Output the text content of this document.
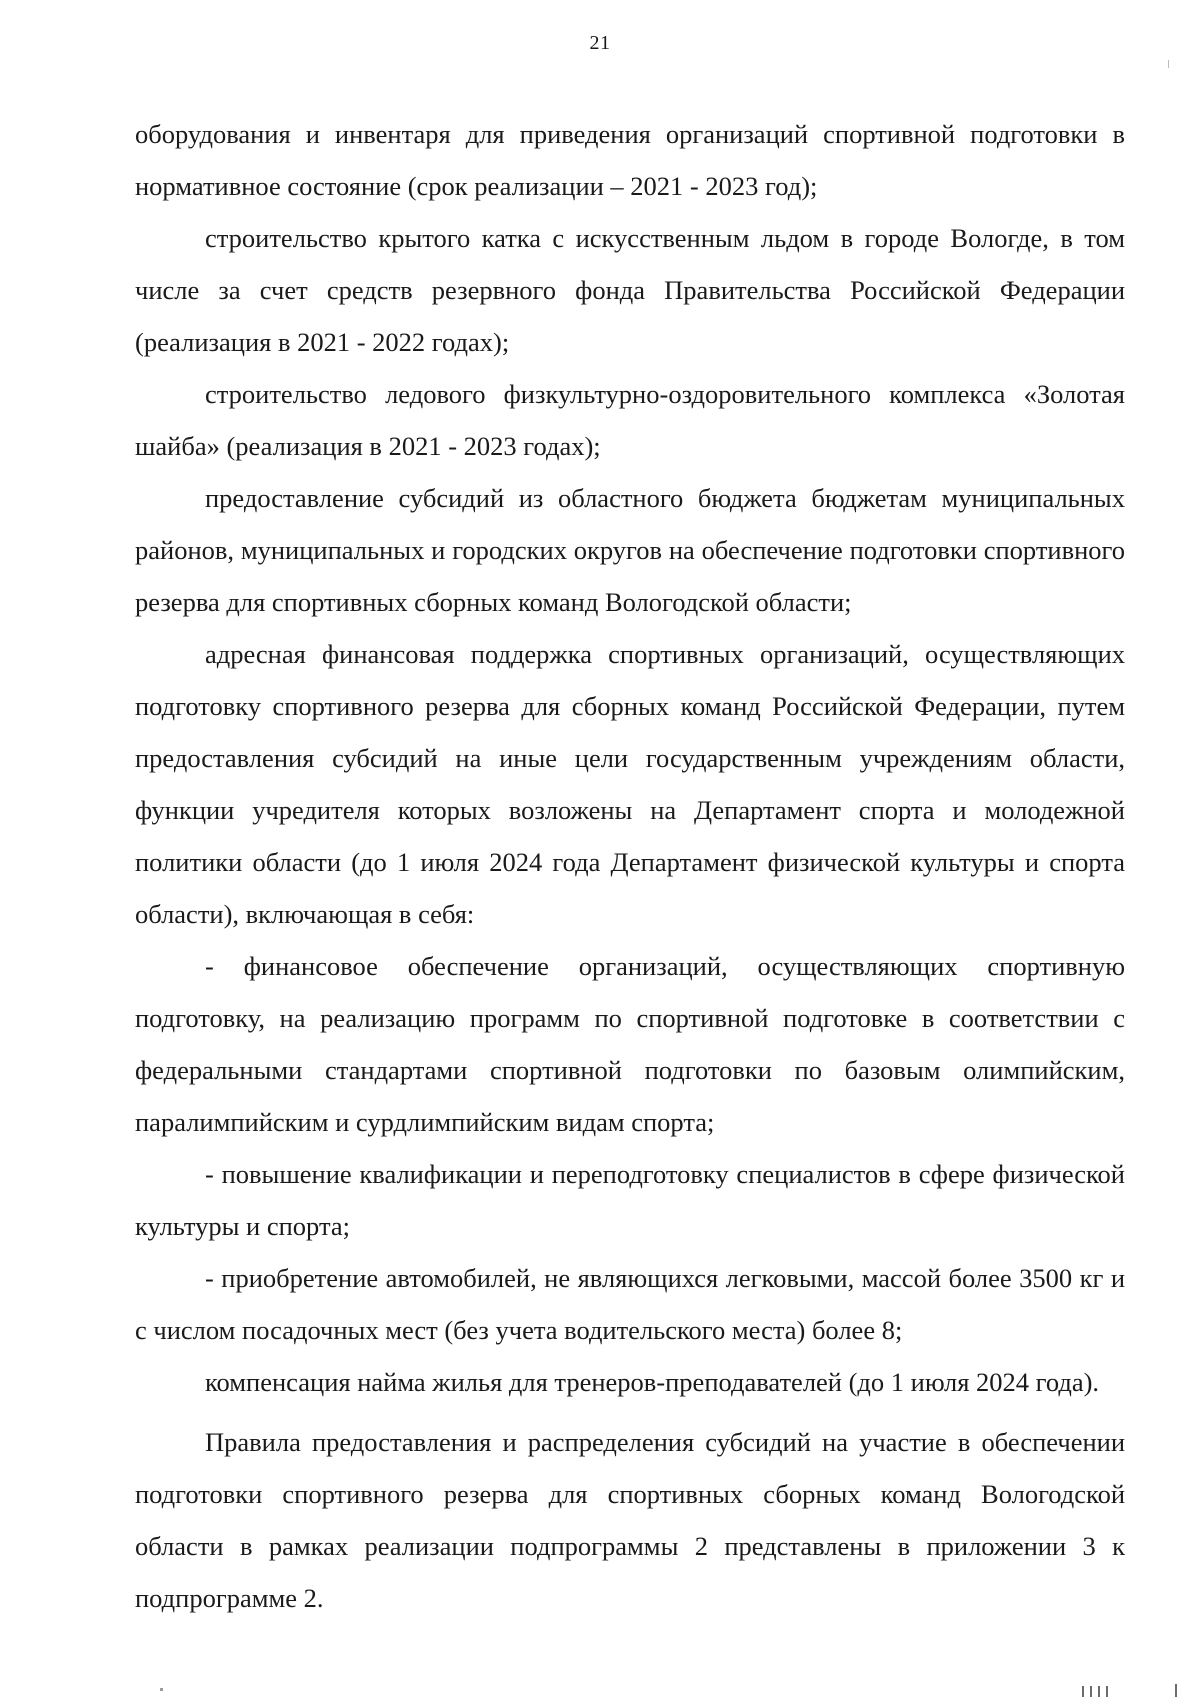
21

оборудования и инвентаря для приведения организаций спортивной подготовки в нормативное состояние (срок реализации – 2021 - 2023 год);

строительство крытого катка с искусственным льдом в городе Вологде, в том числе за счет средств резервного фонда Правительства Российской Федерации (реализация в 2021 - 2022 годах);

строительство ледового физкультурно-оздоровительного комплекса «Золотая шайба» (реализация в 2021 - 2023 годах);

предоставление субсидий из областного бюджета бюджетам муниципальных районов, муниципальных и городских округов на обеспечение подготовки спортивного резерва для спортивных сборных команд Вологодской области;

адресная финансовая поддержка спортивных организаций, осуществляющих подготовку спортивного резерва для сборных команд Российской Федерации, путем предоставления субсидий на иные цели государственным учреждениям области, функции учредителя которых возложены на Департамент спорта и молодежной политики области (до 1 июля 2024 года Департамент физической культуры и спорта области), включающая в себя:

- финансовое обеспечение организаций, осуществляющих спортивную подготовку, на реализацию программ по спортивной подготовке в соответствии с федеральными стандартами спортивной подготовки по базовым олимпийским, паралимпийским и сурдлимпийским видам спорта;

- повышение квалификации и переподготовку специалистов в сфере физической культуры и спорта;

- приобретение автомобилей, не являющихся легковыми, массой более 3500 кг и с числом посадочных мест (без учета водительского места) более 8;

компенсация найма жилья для тренеров-преподавателей (до 1 июля 2024 года).

Правила предоставления и распределения субсидий на участие в обеспечении подготовки спортивного резерва для спортивных сборных команд Вологодской области в рамках реализации подпрограммы 2 представлены в приложении 3 к подпрограмме 2.
